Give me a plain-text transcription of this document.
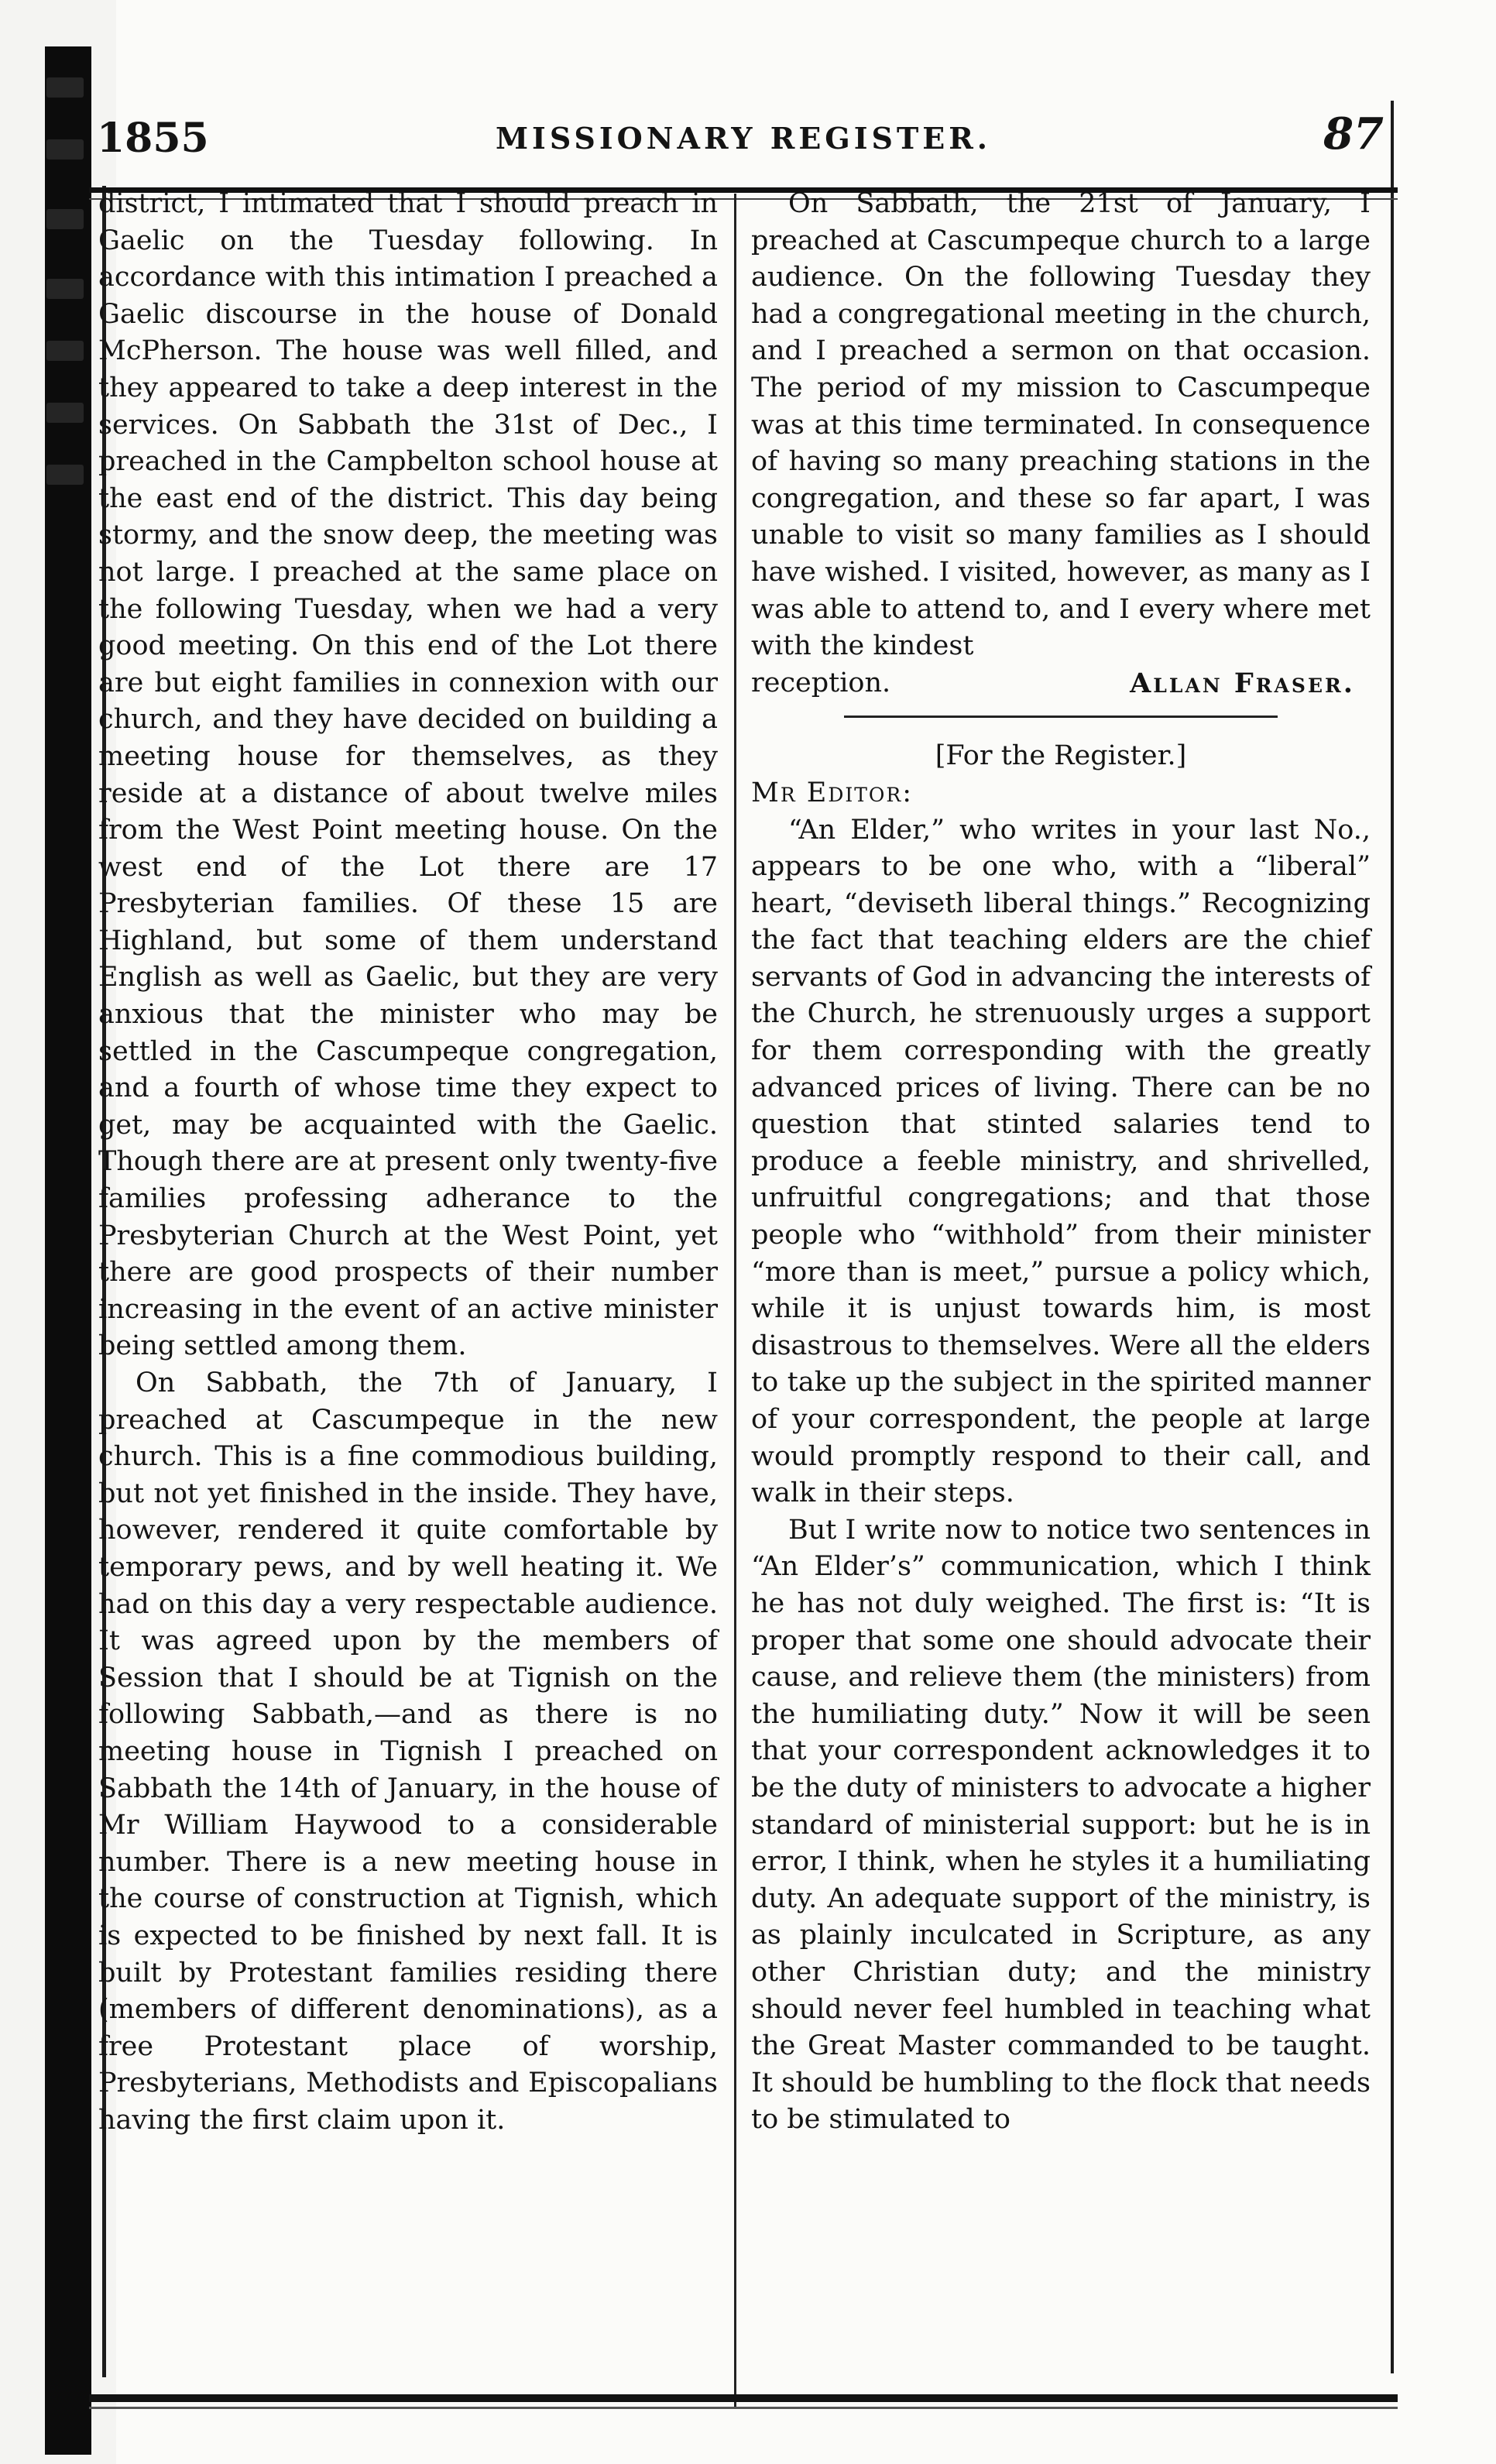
1855	MISSIONARY REGISTER.	87

district, I intimated that I should preach in Gaelic on the Tuesday following. In accordance with this intimation I preached a Gaelic discourse in the house of Donald McPherson. The house was well filled, and they appeared to take a deep interest in the services. On Sabbath the 31st of Dec., I preached in the Campbelton school house at the east end of the district. This day being stormy, and the snow deep, the meeting was not large. I preached at the same place on the following Tuesday, when we had a very good meeting. On this end of the Lot there are but eight families in connexion with our church, and they have decided on building a meeting house for themselves, as they reside at a distance of about twelve miles from the West Point meeting house. On the west end of the Lot there are 17 Presbyterian families. Of these 15 are Highland, but some of them understand English as well as Gaelic, but they are very anxious that the minister who may be settled in the Cascumpeque congregation, and a fourth of whose time they expect to get, may be acquainted with the Gaelic. Though there are at present only twenty-five families professing adherance to the Presbyterian Church at the West Point, yet there are good prospects of their number increasing in the event of an active minister being settled among them.

On Sabbath, the 7th of January, I preached at Cascumpeque in the new church. This is a fine commodious building, but not yet finished in the inside. They have, however, rendered it quite comfortable by temporary pews, and by well heating it. We had on this day a very respectable audience. It was agreed upon by the members of Session that I should be at Tignish on the following Sabbath,—and as there is no meeting house in Tignish I preached on Sabbath the 14th of January, in the house of Mr William Haywood to a considerable number. There is a new meeting house in the course of construction at Tignish, which is expected to be finished by next fall. It is built by Protestant families residing there (members of different denominations), as a free Protestant place of worship, Presbyterians, Methodists and Episcopalians having the first claim upon it.

On Sabbath, the 21st of January, I preached at Cascumpeque church to a large audience. On the following Tuesday they had a congregational meeting in the church, and I preached a sermon on that occasion. The period of my mission to Cascumpeque was at this time terminated. In consequence of having so many preaching stations in the congregation, and these so far apart, I was unable to visit so many families as I should have wished. I visited, however, as many as I was able to attend to, and I every where met with the kindest

reception.	Allan Fraser.

[For the Register.]

Mr Editor:

“An Elder,” who writes in your last No., appears to be one who, with a “liberal” heart, “deviseth liberal things.” Recognizing the fact that teaching elders are the chief servants of God in advancing the interests of the Church, he strenuously urges a support for them corresponding with the greatly advanced prices of living. There can be no question that stinted salaries tend to produce a feeble ministry, and shrivelled, unfruitful congregations; and that those people who “withhold” from their minister “more than is meet,” pursue a policy which, while it is unjust towards him, is most disastrous to themselves. Were all the elders to take up the subject in the spirited manner of your correspondent, the people at large would promptly respond to their call, and walk in their steps.

But I write now to notice two sentences in “An Elder’s” communication, which I think he has not duly weighed. The first is: “It is proper that some one should advocate their cause, and relieve them (the ministers) from the humiliating duty.” Now it will be seen that your correspondent acknowledges it to be the duty of ministers to advocate a higher standard of ministerial support: but he is in error, I think, when he styles it a humiliating duty. An adequate support of the ministry, is as plainly inculcated in Scripture, as any other Christian duty; and the ministry should never feel humbled in teaching what the Great Master commanded to be taught. It should be humbling to the flock that needs to be stimulated to
